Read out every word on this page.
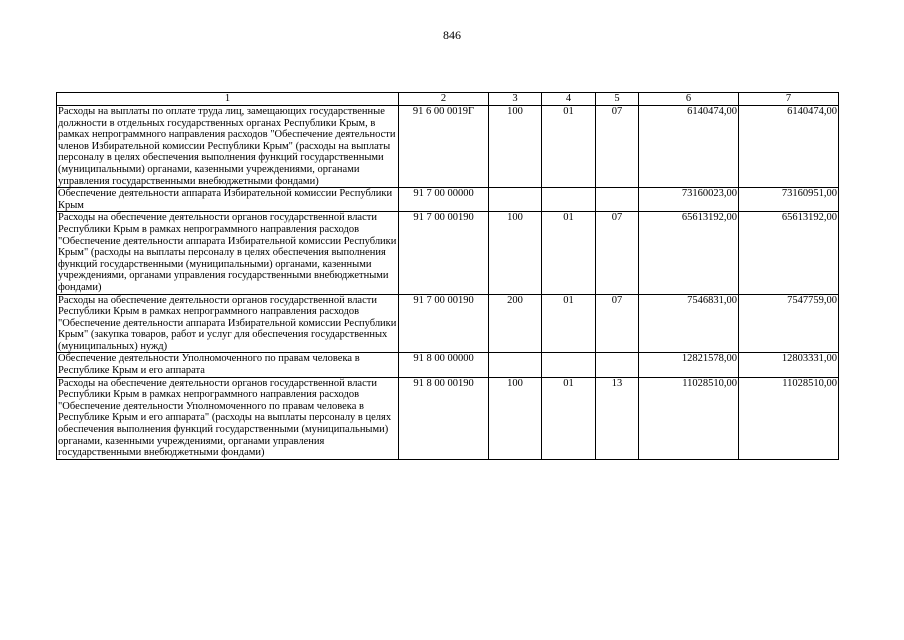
846
1	2	3	4	5	6	7
Расходы на выплаты по оплате труда лиц, замещающих государственные должности в отдельных государственных органах Республики Крым, в рамках непрограммного направления расходов "Обеспечение деятельности членов Избирательной комиссии Республики Крым" (расходы на выплаты персоналу в целях обеспечения выполнения функций государственными (муниципальными) органами, казенными учреждениями, органами управления государственными внебюджетными фондами)	91 6 00 0019Г	100	01	07	6140474,00	6140474,00
Обеспечение деятельности аппарата Избирательной комиссии Республики Крым	91 7 00 00000				73160023,00	73160951,00
Расходы на обеспечение деятельности органов государственной власти Республики Крым в рамках непрограммного направления расходов "Обеспечение деятельности аппарата Избирательной комиссии Республики Крым" (расходы на выплаты персоналу в целях обеспечения выполнения функций государственными (муниципальными) органами, казенными учреждениями, органами управления государственными внебюджетными фондами)	91 7 00 00190	100	01	07	65613192,00	65613192,00
Расходы на обеспечение деятельности органов государственной власти Республики Крым в рамках непрограммного направления расходов "Обеспечение деятельности аппарата Избирательной комиссии Республики Крым" (закупка товаров, работ и услуг для обеспечения государственных (муниципальных) нужд)	91 7 00 00190	200	01	07	7546831,00	7547759,00
Обеспечение деятельности Уполномоченного по правам человека в Республике Крым и его аппарата	91 8 00 00000				12821578,00	12803331,00
Расходы на обеспечение деятельности органов государственной власти Республики Крым в рамках непрограммного направления расходов "Обеспечение деятельности Уполномоченного по правам человека в Республике Крым и его аппарата" (расходы на выплаты персоналу в целях обеспечения выполнения функций государственными (муниципальными) органами, казенными учреждениями, органами управления государственными внебюджетными фондами)	91 8 00 00190	100	01	13	11028510,00	11028510,00
